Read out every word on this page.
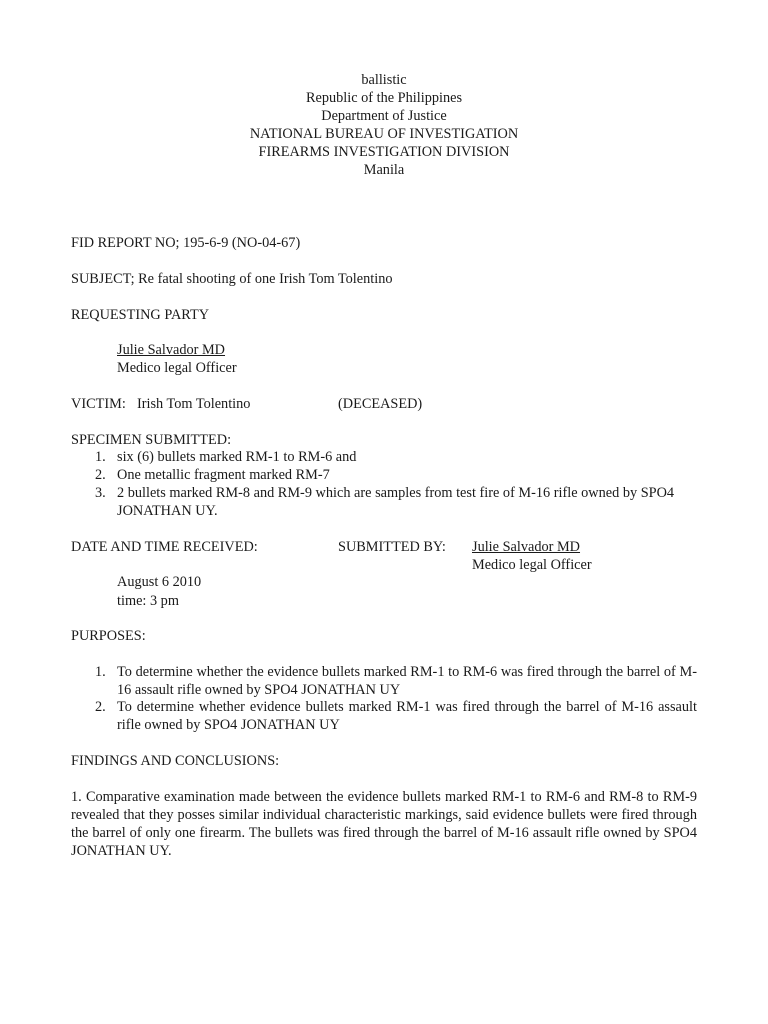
ballistic
Republic of the Philippines
Department of Justice
NATIONAL BUREAU OF INVESTIGATION
FIREARMS INVESTIGATION DIVISION
Manila
FID REPORT NO; 195-6-9 (NO-04-67)
SUBJECT; Re fatal shooting of one Irish Tom Tolentino
REQUESTING PARTY
Julie Salvador MD
Medico legal Officer
VICTIM: Irish Tom Tolentino	(DECEASED)
SPECIMEN SUBMITTED:
1. six (6) bullets marked RM-1 to RM-6 and
2. One metallic fragment marked RM-7
3. 2 bullets marked RM-8 and RM-9 which are samples from test fire of M-16 rifle owned by SPO4 JONATHAN UY.
DATE AND TIME RECEIVED:	SUBMITTED BY: Julie Salvador MD
Medico legal Officer
August 6 2010
time: 3 pm
PURPOSES:
1. To determine whether the evidence bullets marked RM-1 to RM-6 was fired through the barrel of M-16 assault rifle owned by SPO4 JONATHAN UY
2. To determine whether evidence bullets marked RM-1 was fired through the barrel of M-16 assault rifle owned by SPO4 JONATHAN UY
FINDINGS AND CONCLUSIONS:
1. Comparative examination made between the evidence bullets marked RM-1 to RM-6 and RM-8 to RM-9 revealed that they posses similar individual characteristic markings, said evidence bullets were fired through the barrel of only one firearm. The bullets was fired through the barrel of M-16 assault rifle owned by SPO4 JONATHAN UY.
